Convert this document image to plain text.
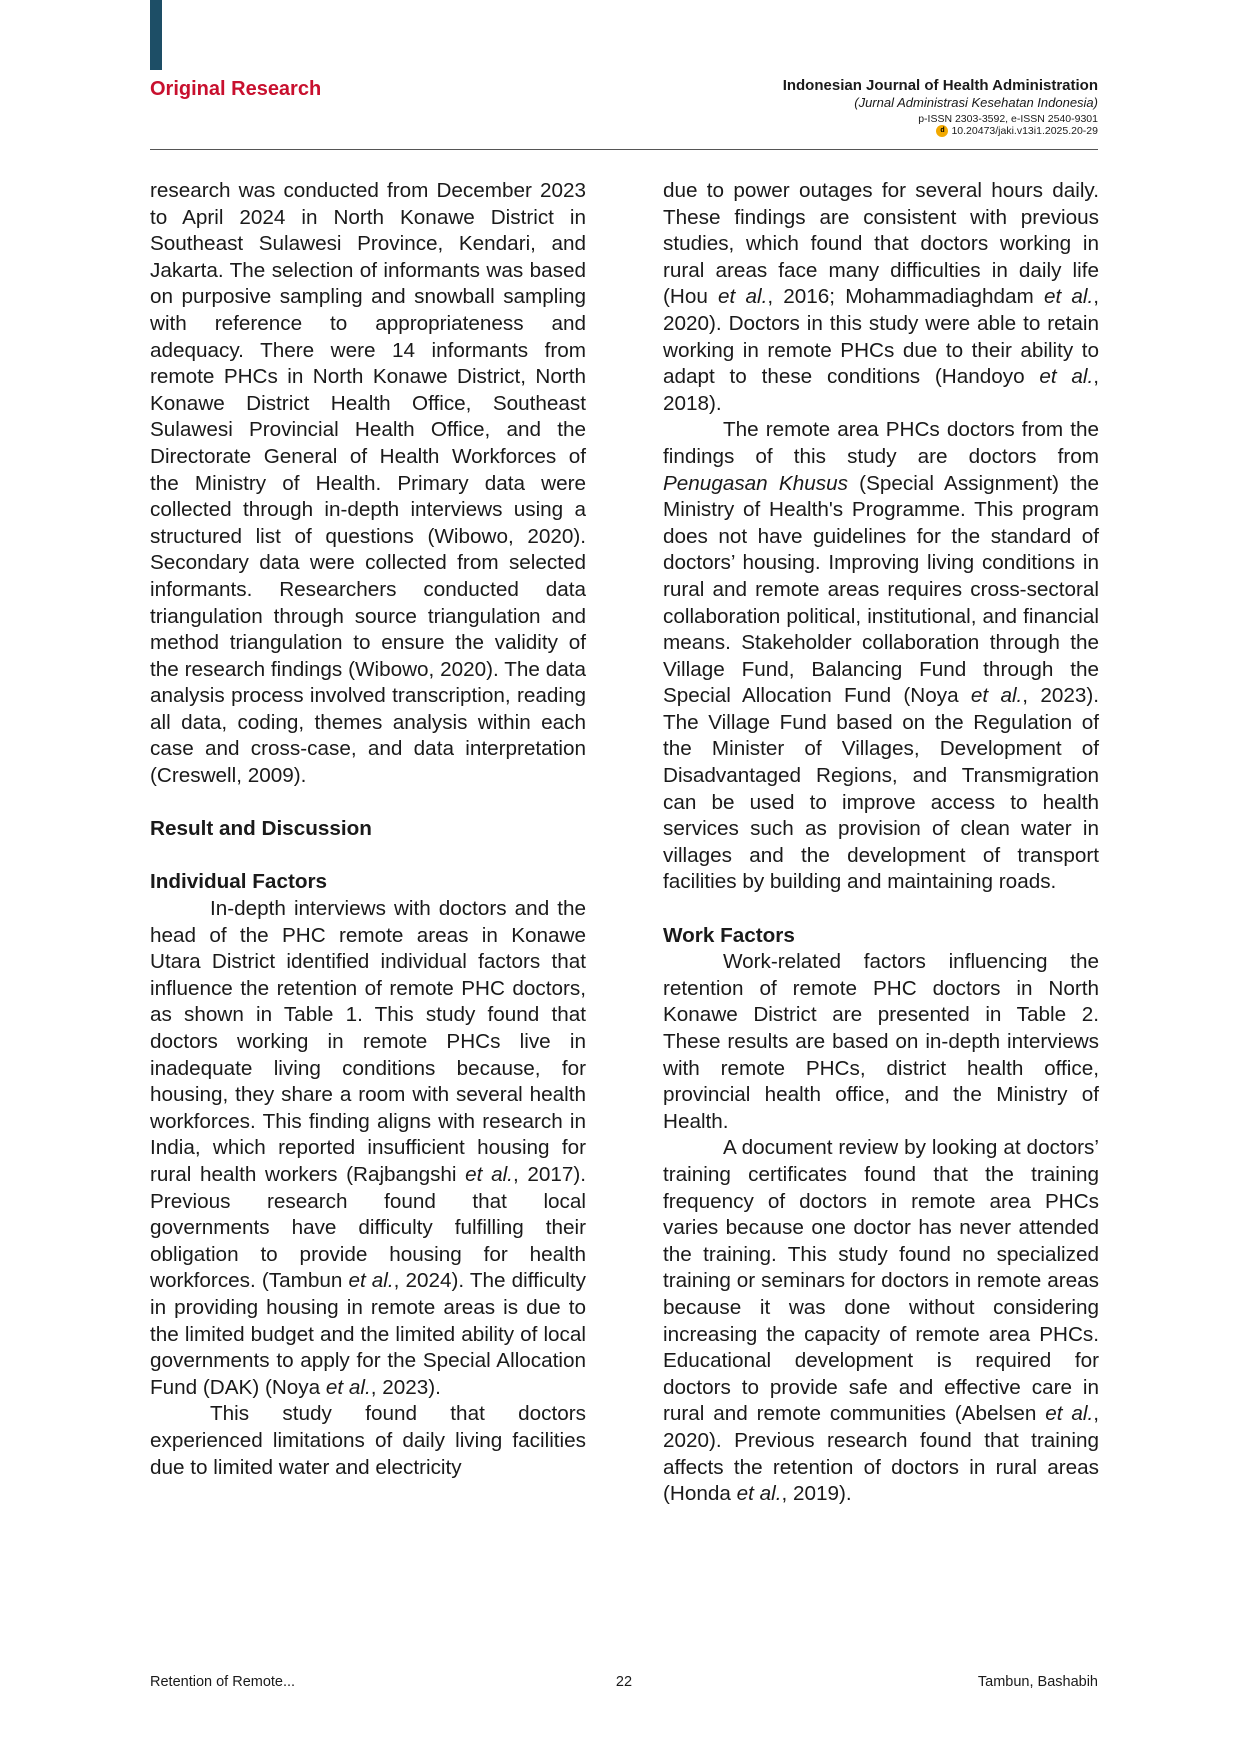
Original Research	Indonesian Journal of Health Administration
(Jurnal Administrasi Kesehatan Indonesia)
p-ISSN 2303-3592, e-ISSN 2540-9301
d 10.20473/jaki.v13i1.2025.20-29

research was conducted from December 2023 to April 2024 in North Konawe District in Southeast Sulawesi Province, Kendari, and Jakarta. The selection of informants was based on purposive sampling and snowball sampling with reference to appropriateness and adequacy. There were 14 informants from remote PHCs in North Konawe District, North Konawe District Health Office, Southeast Sulawesi Provincial Health Office, and the Directorate General of Health Workforces of the Ministry of Health. Primary data were collected through in-depth interviews using a structured list of questions (Wibowo, 2020). Secondary data were collected from selected informants. Researchers conducted data triangulation through source triangulation and method triangulation to ensure the validity of the research findings (Wibowo, 2020). The data analysis process involved transcription, reading all data, coding, themes analysis within each case and cross-case, and data interpretation (Creswell, 2009).

Result and Discussion
Individual Factors

In-depth interviews with doctors and the head of the PHC remote areas in Konawe Utara District identified individual factors that influence the retention of remote PHC doctors, as shown in Table 1. This study found that doctors working in remote PHCs live in inadequate living conditions because, for housing, they share a room with several health workforces. This finding aligns with research in India, which reported insufficient housing for rural health workers (Rajbangshi et al., 2017). Previous research found that local governments have difficulty fulfilling their obligation to provide housing for health workforces. (Tambun et al., 2024). The difficulty in providing housing in remote areas is due to the limited budget and the limited ability of local governments to apply for the Special Allocation Fund (DAK) (Noya et al., 2023).

This study found that doctors experienced limitations of daily living facilities due to limited water and electricity

due to power outages for several hours daily. These findings are consistent with previous studies, which found that doctors working in rural areas face many difficulties in daily life (Hou et al., 2016; Mohammadiaghdam et al., 2020). Doctors in this study were able to retain working in remote PHCs due to their ability to adapt to these conditions (Handoyo et al., 2018).

The remote area PHCs doctors from the findings of this study are doctors from Penugasan Khusus (Special Assignment) the Ministry of Health's Programme. This program does not have guidelines for the standard of doctors’ housing. Improving living conditions in rural and remote areas requires cross-sectoral collaboration political, institutional, and financial means. Stakeholder collaboration through the Village Fund, Balancing Fund through the Special Allocation Fund (Noya et al., 2023). The Village Fund based on the Regulation of the Minister of Villages, Development of Disadvantaged Regions, and Transmigration can be used to improve access to health services such as provision of clean water in villages and the development of transport facilities by building and maintaining roads.

Work Factors

Work-related factors influencing the retention of remote PHC doctors in North Konawe District are presented in Table 2. These results are based on in-depth interviews with remote PHCs, district health office, provincial health office, and the Ministry of Health.

A document review by looking at doctors’ training certificates found that the training frequency of doctors in remote area PHCs varies because one doctor has never attended the training. This study found no specialized training or seminars for doctors in remote areas because it was done without considering increasing the capacity of remote area PHCs. Educational development is required for doctors to provide safe and effective care in rural and remote communities (Abelsen et al., 2020). Previous research found that training affects the retention of doctors in rural areas (Honda et al., 2019).

Retention of Remote...	22	Tambun, Bashabih
